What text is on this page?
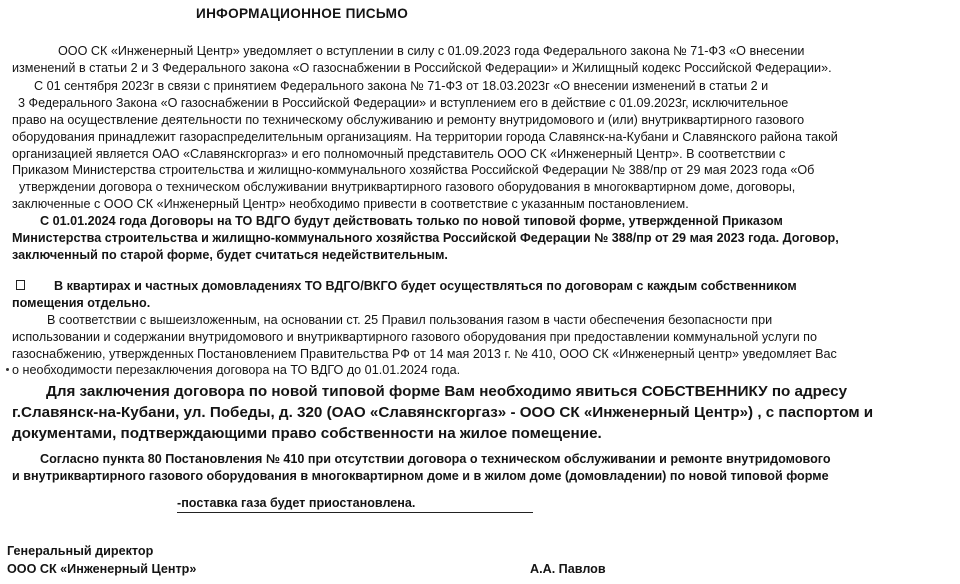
ИНФОРМАЦИОННОЕ ПИСЬМО
ООО СК «Инженерный Центр» уведомляет о вступлении в силу с 01.09.2023 года Федерального закона № 71-ФЗ «О внесении
изменений в статьи 2 и 3 Федерального закона «О газоснабжении в Российской Федерации» и Жилищный кодекс Российской Федерации».
С 01 сентября 2023г в связи с принятием Федерального закона № 71-ФЗ от 18.03.2023г «О внесении изменений в статьи 2 и
3 Федерального Закона «О газоснабжении в Российской Федерации» и вступлением его в действие с 01.09.2023г, исключительное
право на осуществление деятельности по техническому обслуживанию и ремонту внутридомового и (или) внутриквартирного газового
оборудования принадлежит газораспределительным организациям. На территории города Славянск-на-Кубани и Славянского района такой
организацией является ОАО «Славянскгоргаз» и его полномочный представитель ООО СК «Инженерный Центр». В соответствии с
Приказом Министерства строительства и жилищно-коммунального хозяйства Российской Федерации № 388/пр от 29 мая 2023 года «Об
утверждении договора о техническом обслуживании внутриквартирного газового оборудования в многоквартирном доме, договоры,
заключенные с ООО СК «Инженерный Центр» необходимо привести в соответствие с указанным постановлением.
С 01.01.2024 года Договоры на ТО ВДГО будут действовать только по новой типовой форме, утвержденной Приказом
Министерства строительства и жилищно-коммунального хозяйства Российской Федерации № 388/пр от 29 мая 2023 года. Договор,
заключенный по старой форме, будет считаться недействительным.
В квартирах и частных домовладениях ТО ВДГО/ВКГО будет осуществляться по договорам с каждым собственником
помещения отдельно.
В соответствии с вышеизложенным, на основании ст. 25 Правил пользования газом в части обеспечения безопасности при
использовании и содержании внутридомового и внутриквартирного газового оборудования при предоставлении коммунальной услуги по
газоснабжению, утвержденных Постановлением Правительства РФ от 14 мая 2013 г. № 410, ООО СК «Инженерный центр» уведомляет Вас
о необходимости перезаключения договора на ТО ВДГО до 01.01.2024 года.
Для заключения договора по новой типовой форме Вам необходимо явиться СОБСТВЕННИКУ по адресу
г.Славянск-на-Кубани, ул. Победы, д. 320 (ОАО «Славянскгоргаз» - ООО СК «Инженерный Центр») , с паспортом и
документами, подтверждающими право собственности на жилое помещение.
Согласно пункта 80 Постановления № 410 при отсутствии договора о техническом обслуживании и ремонте внутридомового
и внутриквартирного газового оборудования в многоквартирном доме и в жилом доме (домовладении) по новой типовой форме
-поставка газа будет приостановлена.
Генеральный директор
ООО СК «Инженерный Центр»	А.А. Павлов
